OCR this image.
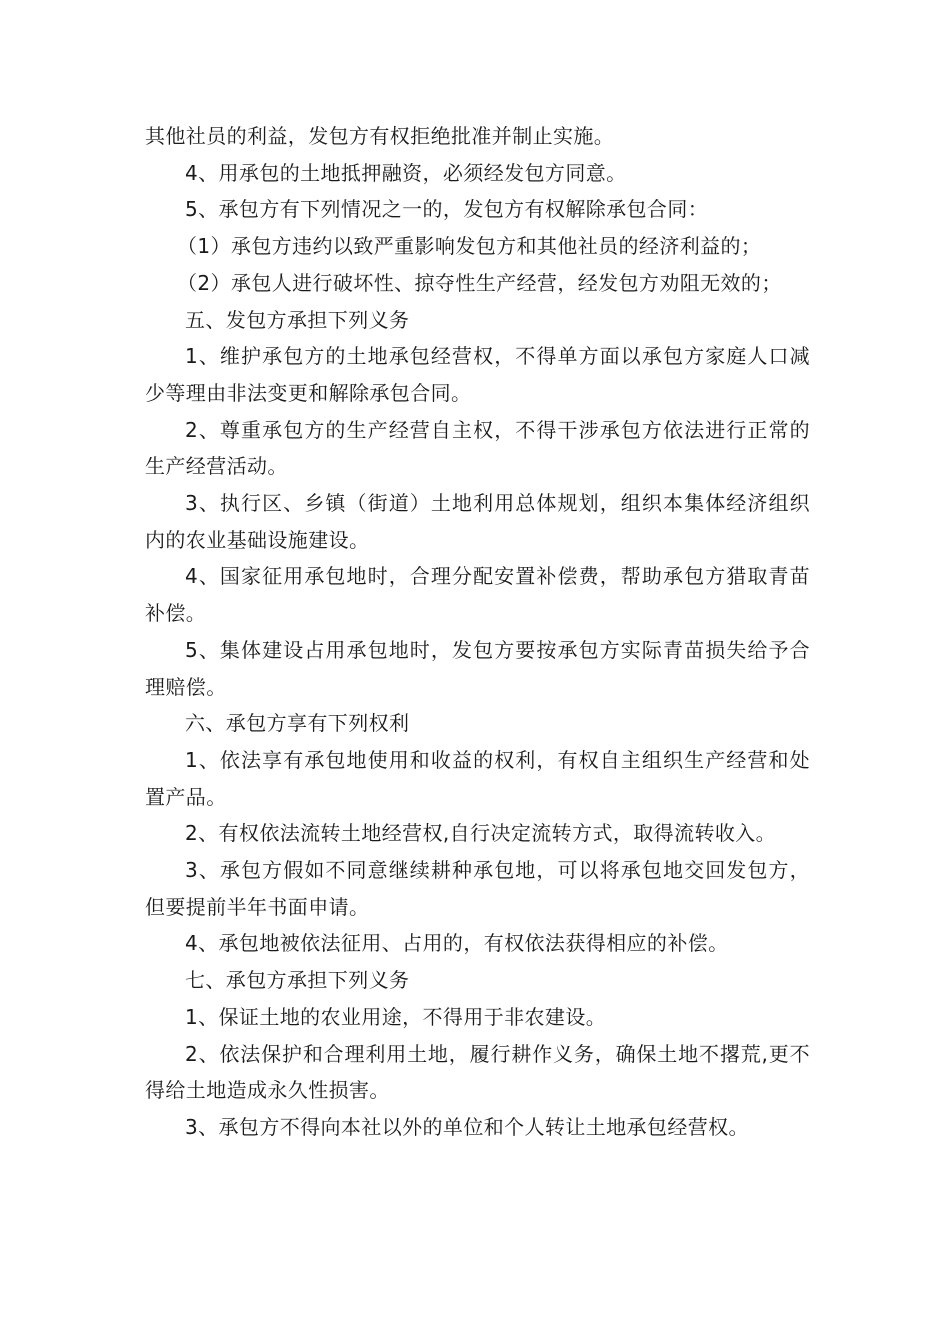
其他社员的利益，发包方有权拒绝批准并制止实施。

4、用承包的土地抵押融资，必须经发包方同意。

5、承包方有下列情况之一的，发包方有权解除承包合同：

（1）承包方违约以致严重影响发包方和其他社员的经济利益的；

（2）承包人进行破坏性、掠夺性生产经营，经发包方劝阻无效的；

五、发包方承担下列义务

1、维护承包方的土地承包经营权，不得单方面以承包方家庭人口减少等理由非法变更和解除承包合同。

2、尊重承包方的生产经营自主权，不得干涉承包方依法进行正常的生产经营活动。

3、执行区、乡镇（街道）土地利用总体规划，组织本集体经济组织内的农业基础设施建设。

4、国家征用承包地时，合理分配安置补偿费，帮助承包方猎取青苗补偿。

5、集体建设占用承包地时，发包方要按承包方实际青苗损失给予合理赔偿。

六、承包方享有下列权利

1、依法享有承包地使用和收益的权利，有权自主组织生产经营和处置产品。

2、有权依法流转土地经营权,自行决定流转方式，取得流转收入。

3、承包方假如不同意继续耕种承包地，可以将承包地交回发包方，但要提前半年书面申请。

4、承包地被依法征用、占用的，有权依法获得相应的补偿。

七、承包方承担下列义务

1、保证土地的农业用途，不得用于非农建设。

2、依法保护和合理利用土地，履行耕作义务，确保土地不撂荒,更不得给土地造成永久性损害。

3、承包方不得向本社以外的单位和个人转让土地承包经营权。
